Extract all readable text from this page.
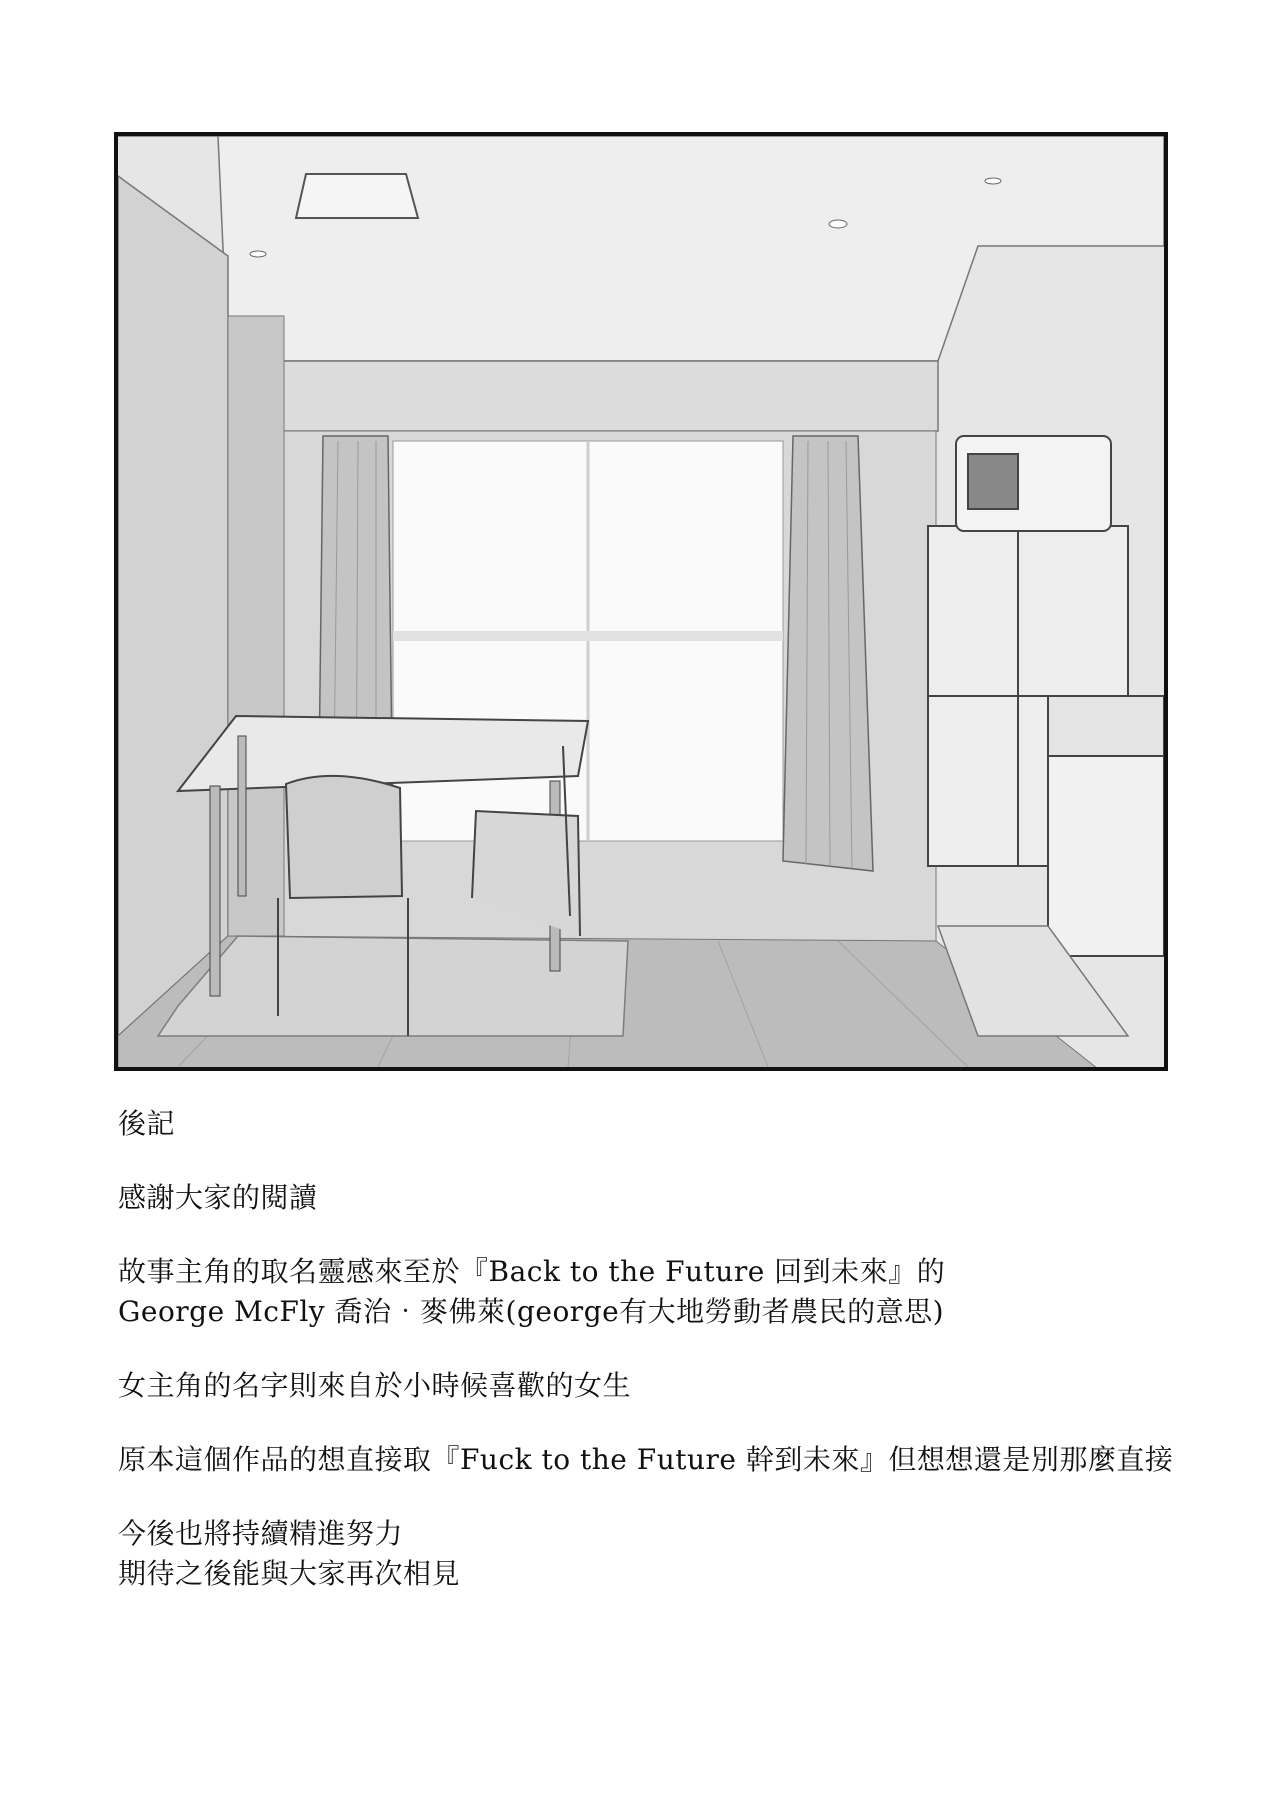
後記

感謝大家的閱讀

故事主角的取名靈感來至於『Back to the Future 回到未來』的

George McFly 喬治‧麥佛萊(george有大地勞動者農民的意思)

女主角的名字則來自於小時候喜歡的女生

原本這個作品的想直接取『Fuck to the Future 幹到未來』但想想還是別那麼直接

今後也將持續精進努力

期待之後能與大家再次相見
